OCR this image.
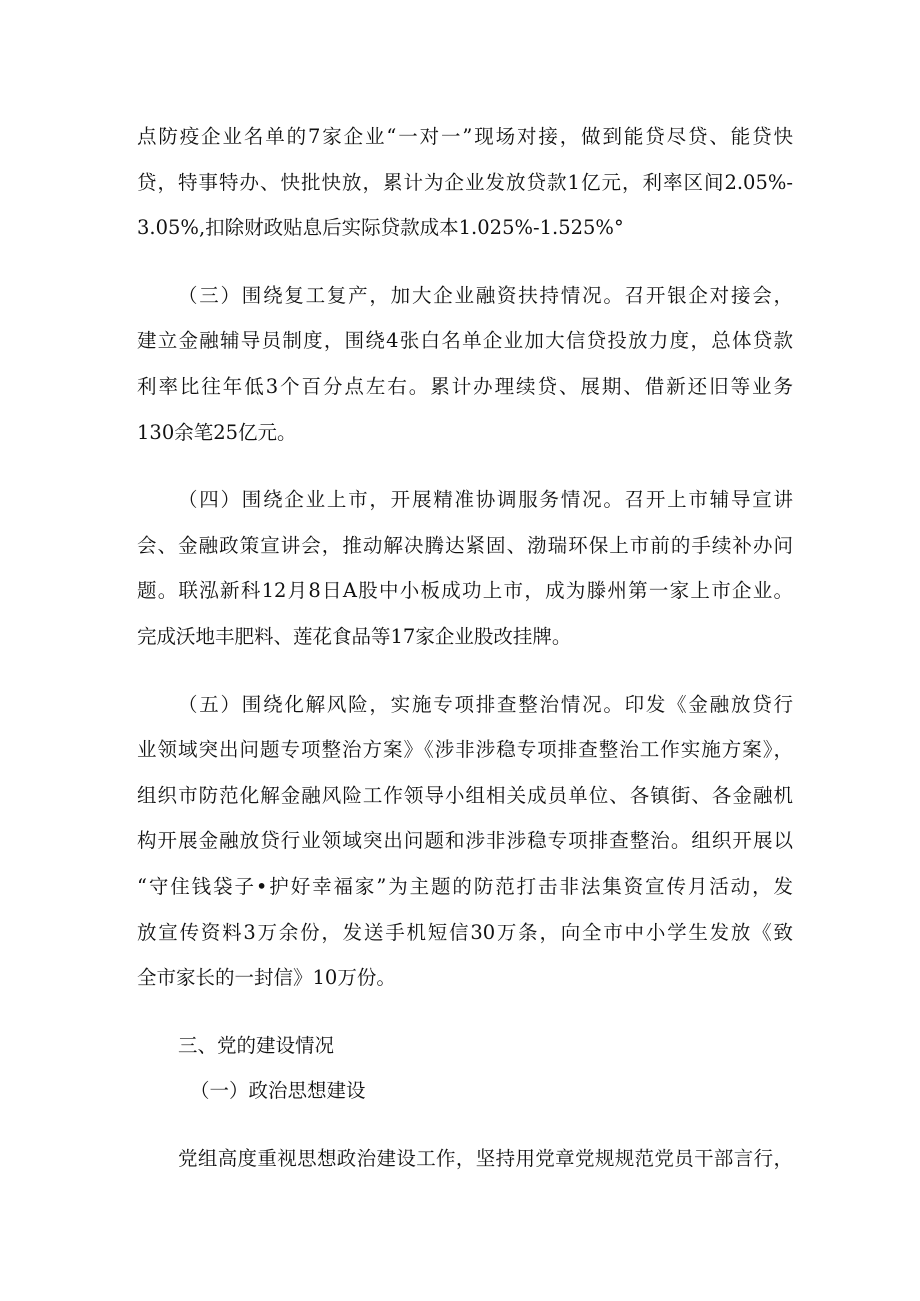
点防疫企业名单的7家企业“一对一”现场对接，做到能贷尽贷、能贷快
贷，特事特办、快批快放，累计为企业发放贷款1亿元，利率区间2.05%-
3.05%,扣除财政贴息后实际贷款成本1.025%-1.525%°
（三）围绕复工复产，加大企业融资扶持情况。召开银企对接会，
建立金融辅导员制度，围绕4张白名单企业加大信贷投放力度，总体贷款
利率比往年低3个百分点左右。累计办理续贷、展期、借新还旧等业务
130余笔25亿元。
（四）围绕企业上市，开展精准协调服务情况。召开上市辅导宣讲
会、金融政策宣讲会，推动解决腾达紧固、渤瑞环保上市前的手续补办问
题。联泓新科12月8日A股中小板成功上市，成为滕州第一家上市企业。
完成沃地丰肥料、莲花食品等17家企业股改挂牌。
（五）围绕化解风险，实施专项排查整治情况。印发《金融放贷行
业领域突出问题专项整治方案》《涉非涉稳专项排查整治工作实施方案》，
组织市防范化解金融风险工作领导小组相关成员单位、各镇街、各金融机
构开展金融放贷行业领域突出问题和涉非涉稳专项排查整治。组织开展以
“守住钱袋子•护好幸福家”为主题的防范打击非法集资宣传月活动，发
放宣传资料3万余份，发送手机短信30万条，向全市中小学生发放《致
全市家长的一封信》10万份。
三、党的建设情况
（一）政治思想建设
党组高度重视思想政治建设工作，坚持用党章党规规范党员干部言行，
